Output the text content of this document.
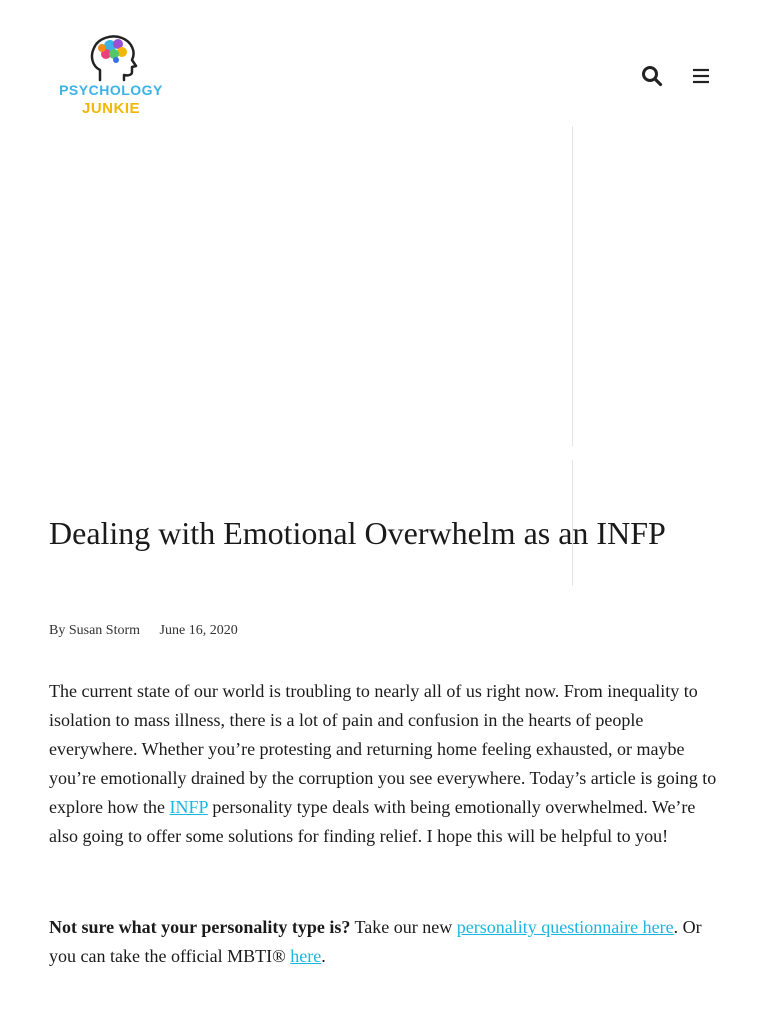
PSYCHOLOGY
JUNKIE
Dealing with Emotional Overwhelm as an INFP
By Susan Storm June 16, 2020

The current state of our world is troubling to nearly all of us right now. From inequality to isolation to mass illness, there is a lot of pain and confusion in the hearts of people everywhere. Whether you’re protesting and returning home feeling exhausted, or maybe you’re emotionally drained by the corruption you see everywhere. Today’s article is going to explore how the INFP personality type deals with being emotionally overwhelmed. We’re also going to offer some solutions for finding relief. I hope this will be helpful to you!

Not sure what your personality type is? Take our new personality questionnaire here. Or you can take the official MBTI® here.
